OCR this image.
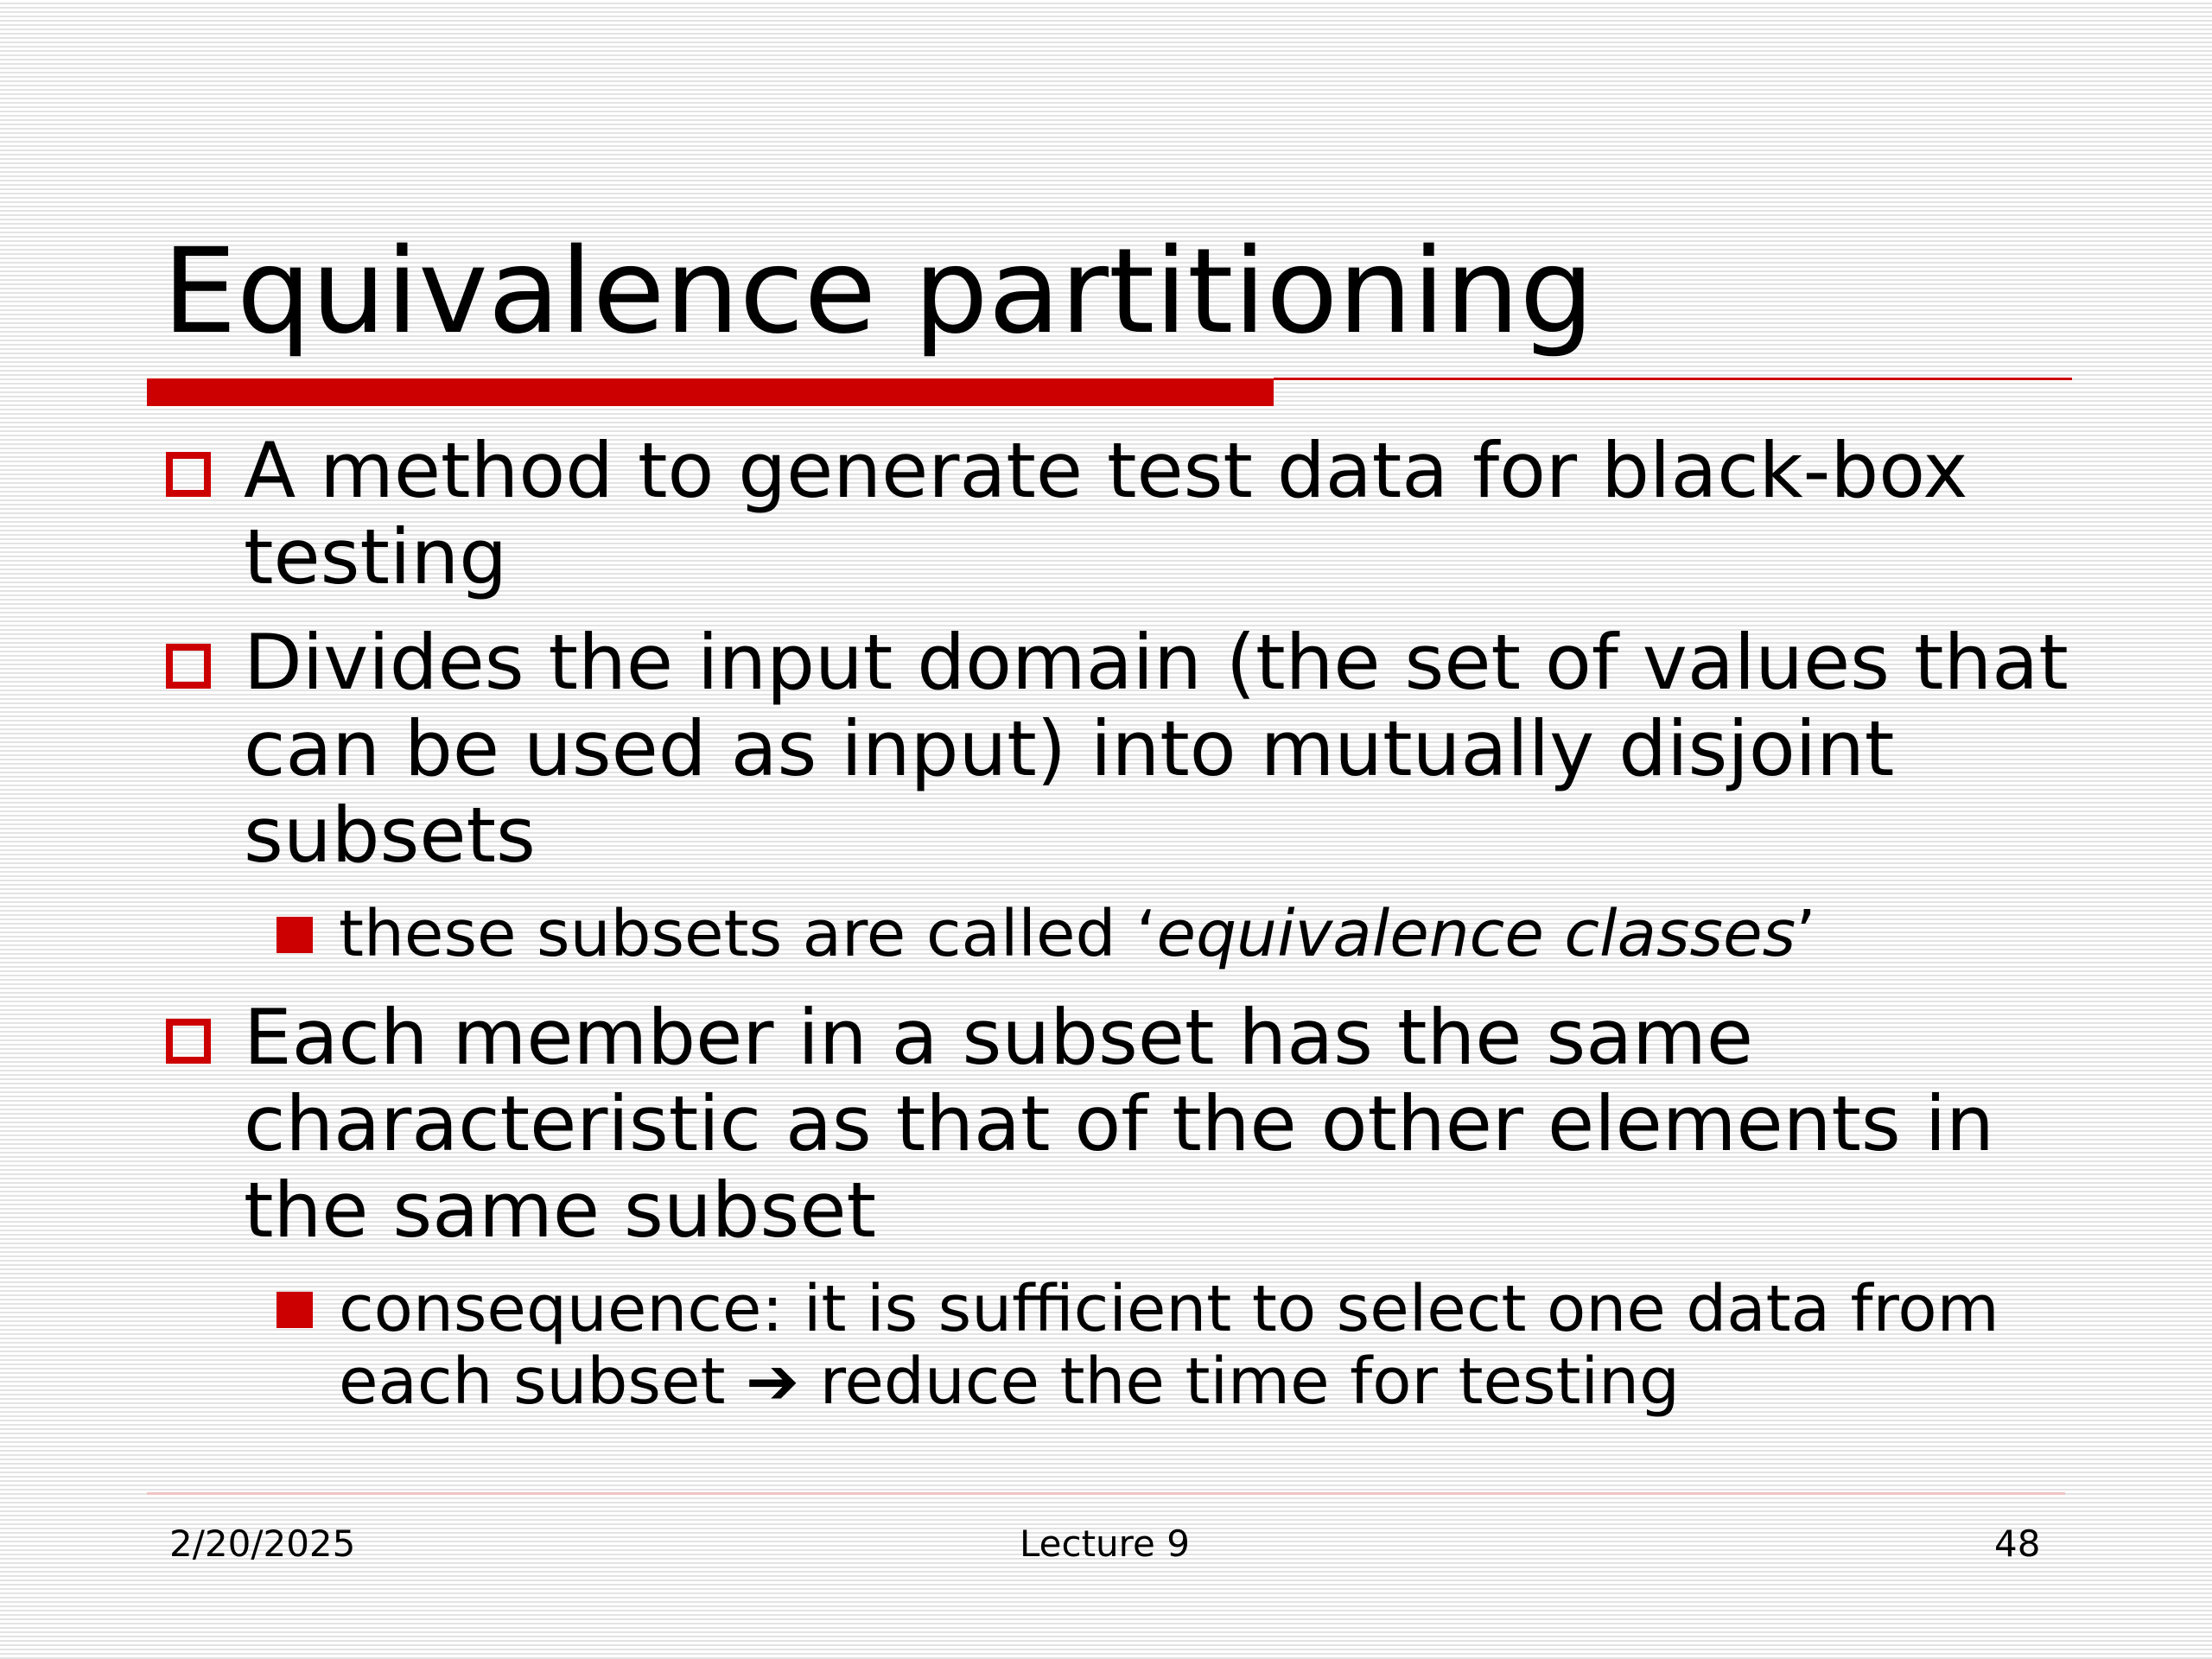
Equivalence partitioning
A method to generate test data for black-box testing
Divides the input domain (the set of values that can be used as input) into mutually disjoint subsets
these subsets are called ‘equivalence classes’
Each member in a subset has the same characteristic as that of the other elements in the same subset
consequence: it is sufficient to select one data from each subset ➔ reduce the time for testing
2/20/2025	Lecture 9	48
